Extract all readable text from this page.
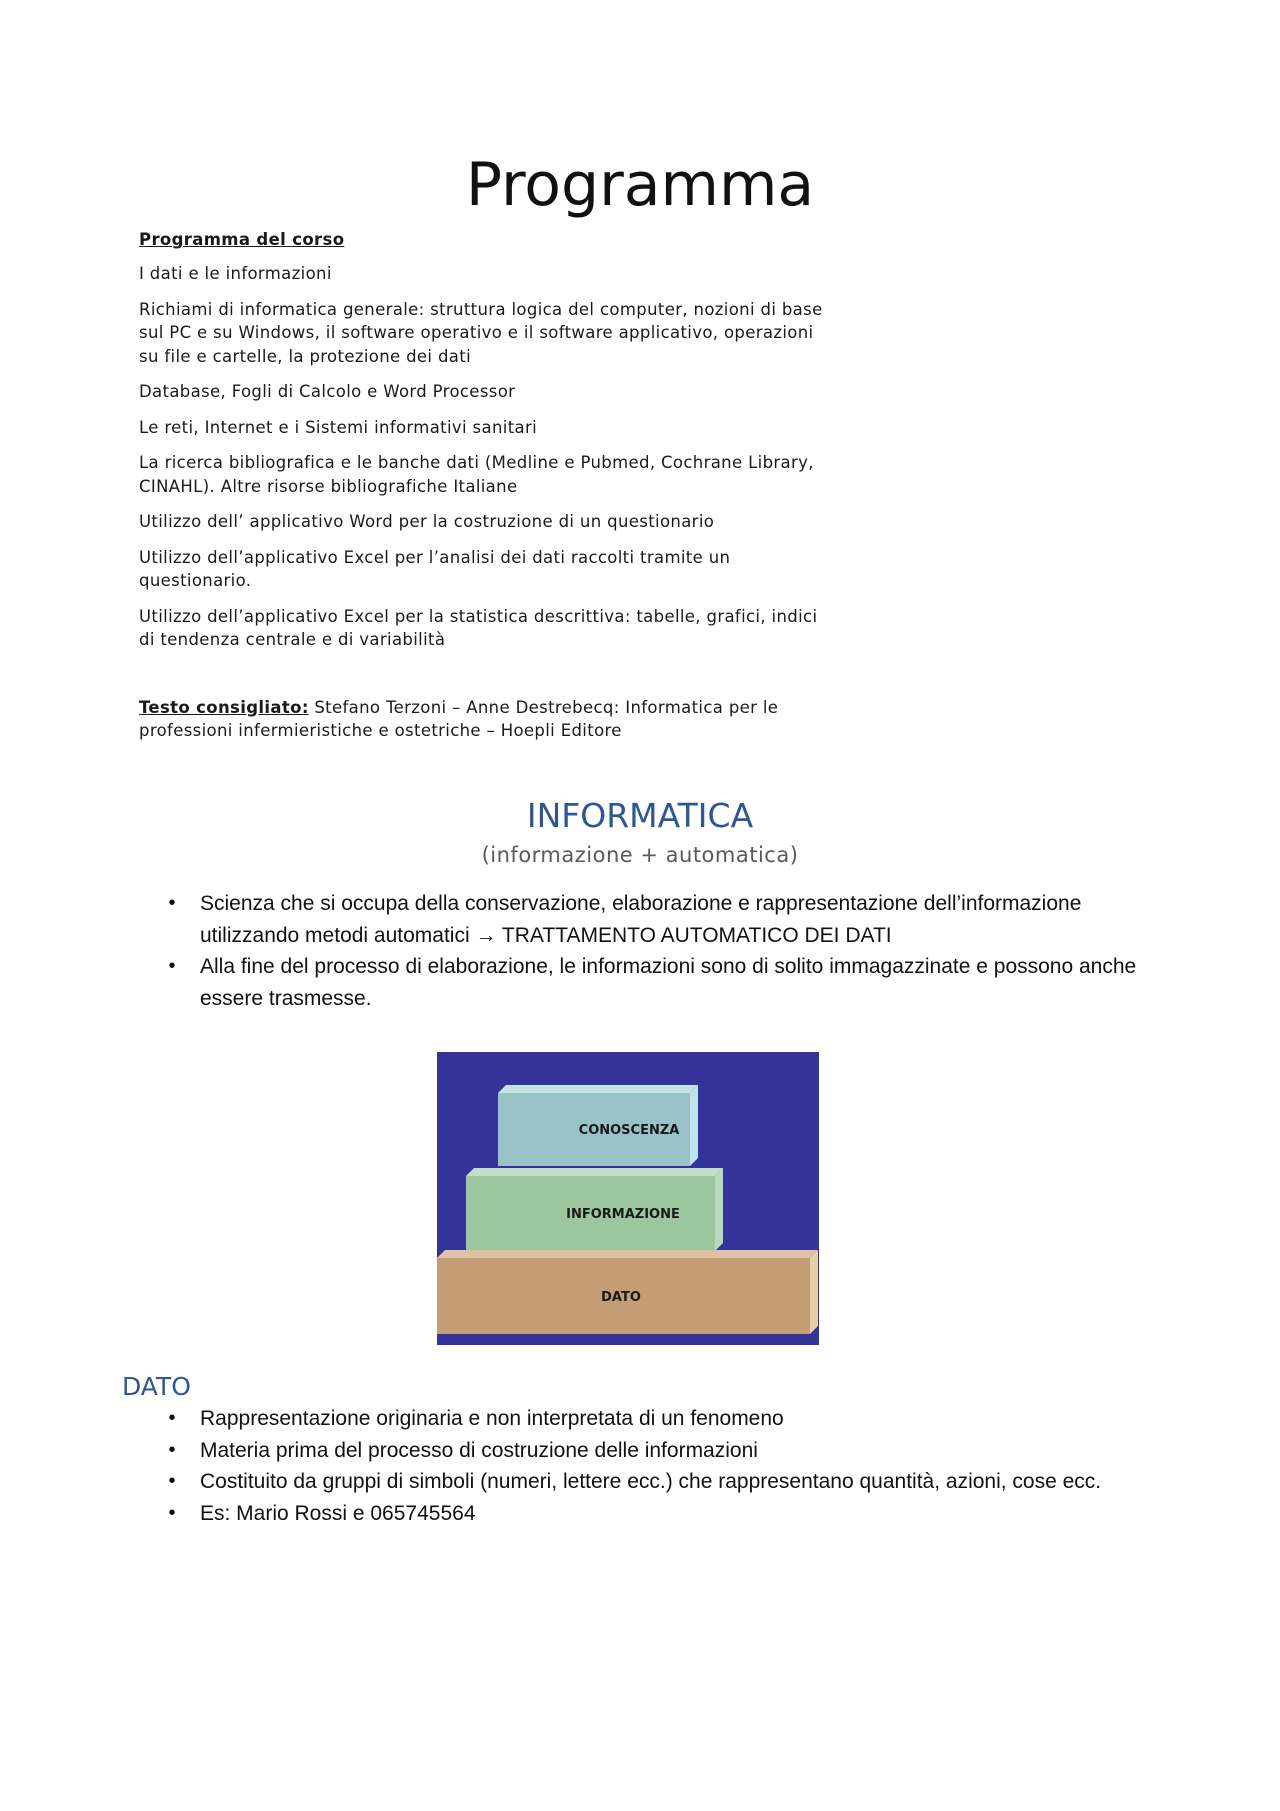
Programma
Programma del corso

I dati e le informazioni

Richiami di informatica generale: struttura logica del computer, nozioni di base
sul PC e su Windows, il software operativo e il software applicativo, operazioni
su file e cartelle, la protezione dei dati

Database, Fogli di Calcolo e Word Processor

Le reti, Internet e i Sistemi informativi sanitari

La ricerca bibliografica e le banche dati (Medline e Pubmed, Cochrane Library,
CINAHL). Altre risorse bibliografiche Italiane

Utilizzo dell’ applicativo Word per la costruzione di un questionario

Utilizzo dell’applicativo Excel per l’analisi dei dati raccolti tramite un
questionario.

Utilizzo dell’applicativo Excel per la statistica descrittiva: tabelle, grafici, indici
di tendenza centrale e di variabilità

Testo consigliato: Stefano Terzoni – Anne Destrebecq: Informatica per le
professioni infermieristiche e ostetriche – Hoepli Editore

INFORMATICA
(informazione + automatica)
•	Scienza che si occupa della conservazione, elaborazione e rappresentazione dell’informazione utilizzando metodi automatici → TRATTAMENTO AUTOMATICO DEI DATI
•	Alla fine del processo di elaborazione, le informazioni sono di solito immagazzinate e possono anche essere trasmesse.
CONOSCENZA
INFORMAZIONE
DATO
DATO
•	Rappresentazione originaria e non interpretata di un fenomeno
•	Materia prima del processo di costruzione delle informazioni
•	Costituito da gruppi di simboli (numeri, lettere ecc.) che rappresentano quantità, azioni, cose ecc.
•	Es: Mario Rossi e 065745564
